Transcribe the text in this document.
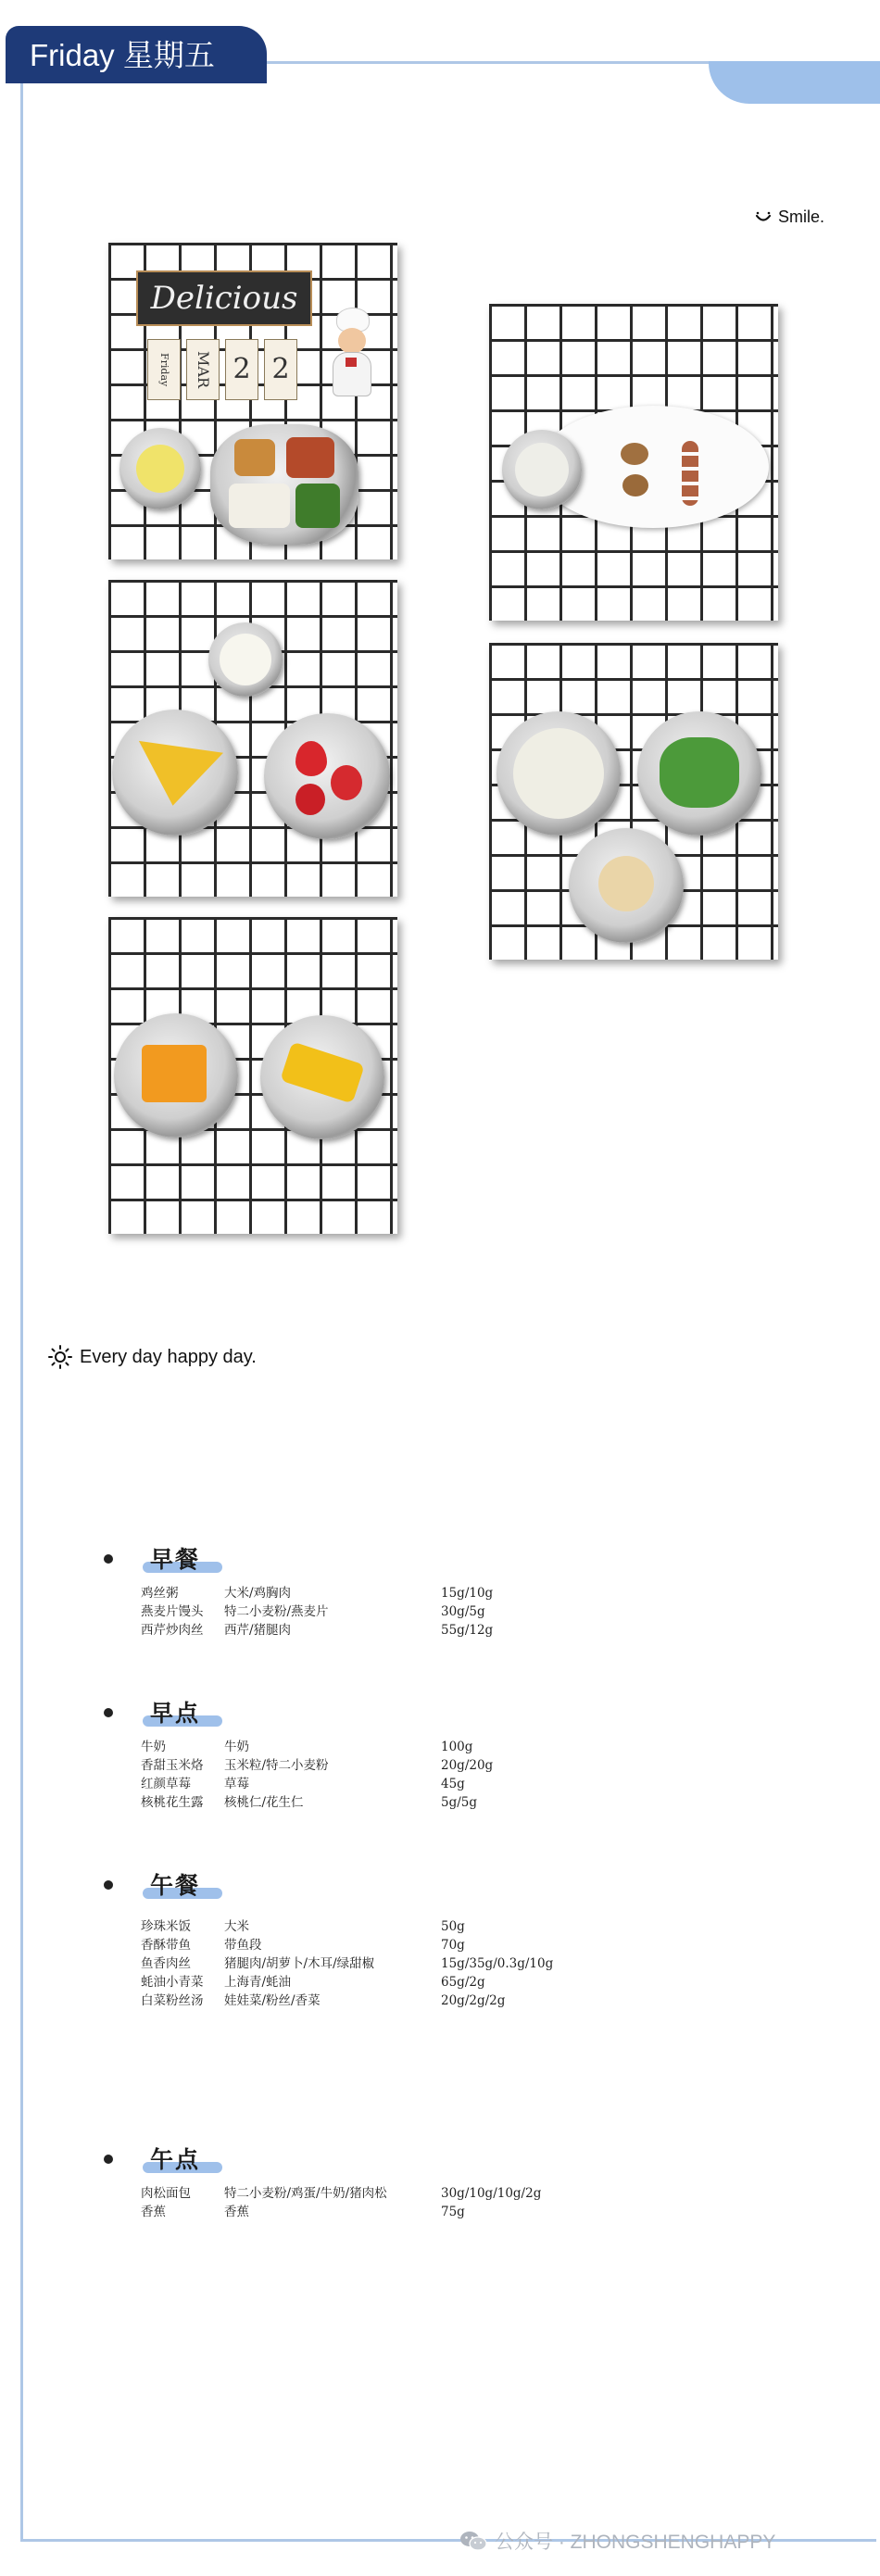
Friday 星期五
Smile.
Delicious
Friday	MAR 2 2
Every day happy day.
早餐
鸡丝粥	大米/鸡胸肉	15g/10g
燕麦片馒头	特二小麦粉/燕麦片	30g/5g
西芹炒肉丝	西芹/猪腿肉	55g/12g
早点
牛奶	牛奶	100g
香甜玉米烙	玉米粒/特二小麦粉	20g/20g
红颜草莓	草莓	45g
核桃花生露	核桃仁/花生仁	5g/5g
午餐
珍珠米饭	大米	50g
香酥带鱼	带鱼段	70g
鱼香肉丝	猪腿肉/胡萝卜/木耳/绿甜椒	15g/35g/0.3g/10g
蚝油小青菜	上海青/蚝油	65g/2g
白菜粉丝汤	娃娃菜/粉丝/香菜	20g/2g/2g
午点
肉松面包	特二小麦粉/鸡蛋/牛奶/猪肉松	30g/10g/10g/2g
香蕉	香蕉	75g
公众号 · ZHONGSHENGHAPPY
